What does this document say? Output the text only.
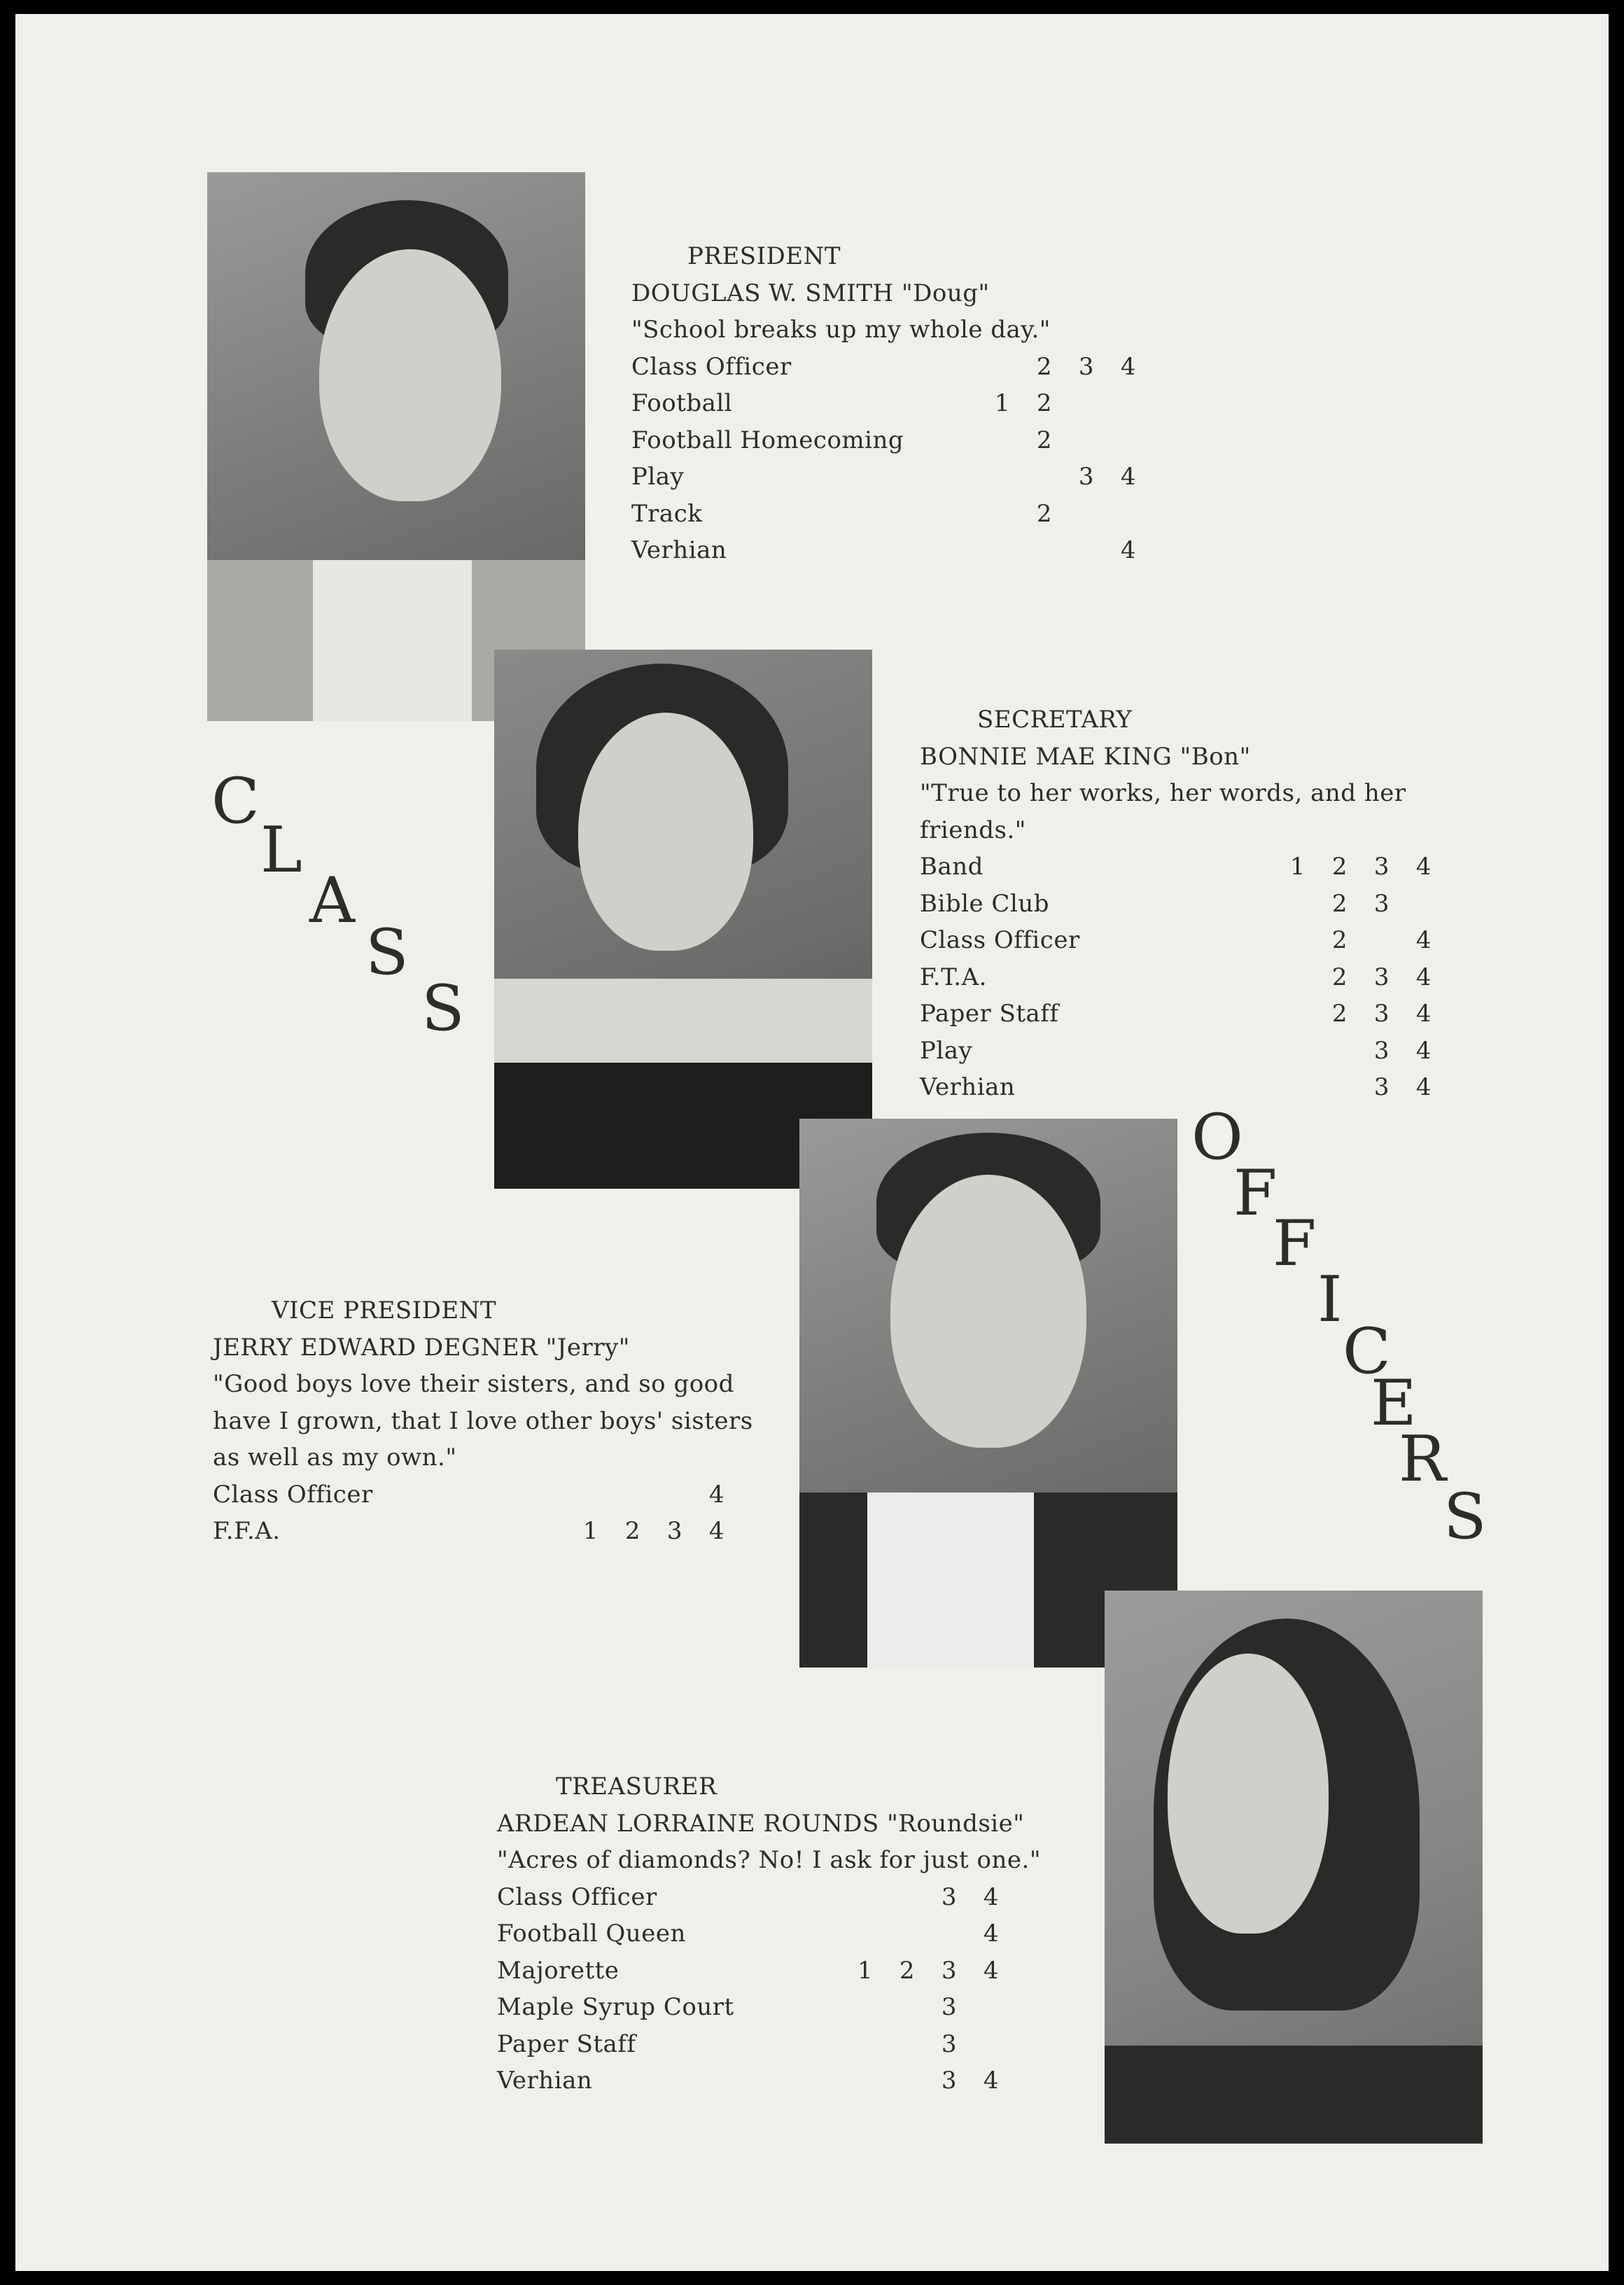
C
L
A
S
S
O
F
F
I
C
E
R
S
PRESIDENT
DOUGLAS W. SMITH "Doug"
"School breaks up my whole day."
Class Officer	2 3 4
Football	1 2
Football Homecoming	2
Play	3 4
Track	2
Verhian	4
SECRETARY
BONNIE MAE KING "Bon"
"True to her works, her words, and her
friends."
Band	1 2 3 4
Bible Club	2 3
Class Officer	2	4
F.T.A.	2 3 4
Paper Staff	2 3 4
Play	3 4
Verhian	3 4
VICE PRESIDENT
JERRY EDWARD DEGNER "Jerry"
"Good boys love their sisters, and so good
have I grown, that I love other boys' sisters
as well as my own."
Class Officer	4
F.F.A.	1 2 3 4
TREASURER
ARDEAN LORRAINE ROUNDS "Roundsie"
"Acres of diamonds? No! I ask for just one."
Class Officer	3 4
Football Queen	4
Majorette	1 2 3 4
Maple Syrup Court	3
Paper Staff	3
Verhian	3 4
